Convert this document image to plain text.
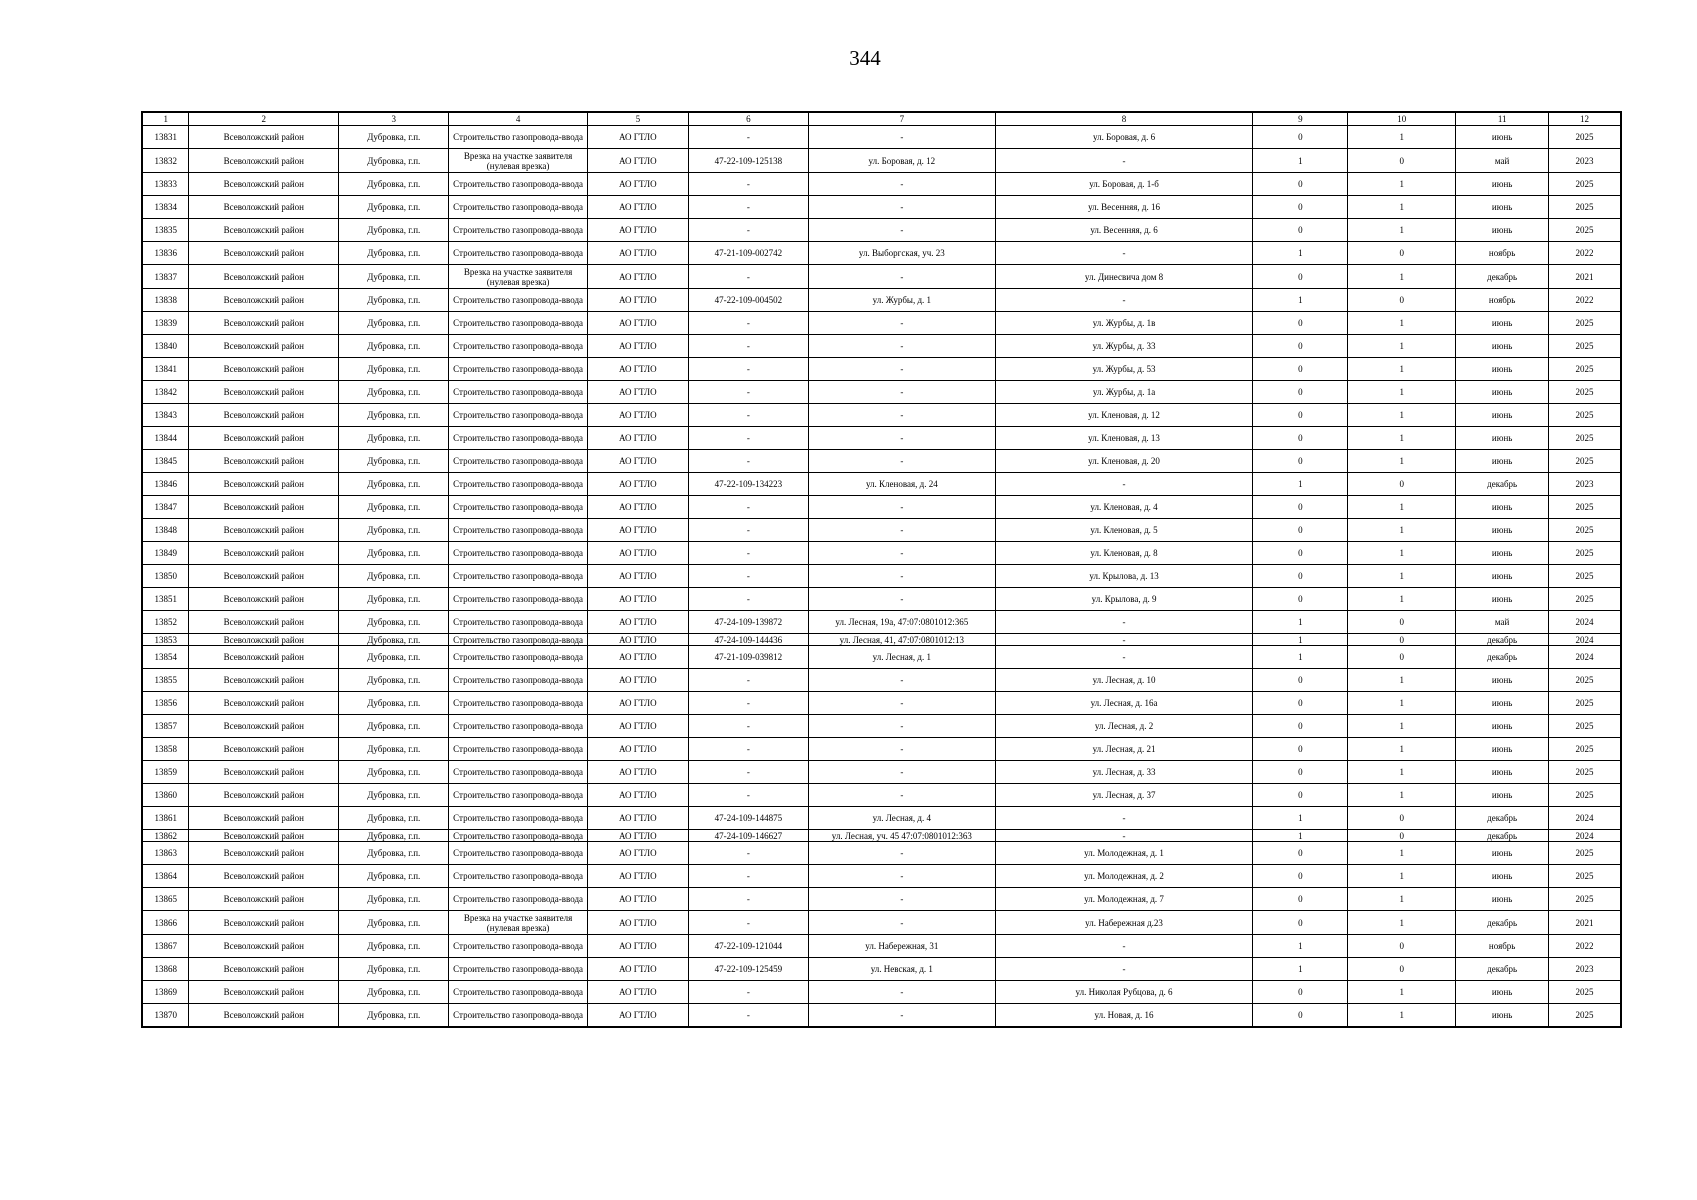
344
1	2	3	4	5	6	7	8	9	10	11	12
13831	Всеволожский район	Дубровка, г.п.	Строительство газопровода-ввода	АО ГТЛО	-	-	ул. Боровая, д. 6	0	1	июнь	2025
13832	Всеволожский район	Дубровка, г.п.	Врезка на участке заявителя (нулевая врезка)	АО ГТЛО	47-22-109-125138	ул. Боровая, д. 12	-	1	0	май	2023
13833	Всеволожский район	Дубровка, г.п.	Строительство газопровода-ввода	АО ГТЛО	-	-	ул. Боровая, д. 1-б	0	1	июнь	2025
13834	Всеволожский район	Дубровка, г.п.	Строительство газопровода-ввода	АО ГТЛО	-	-	ул. Весенняя, д. 16	0	1	июнь	2025
13835	Всеволожский район	Дубровка, г.п.	Строительство газопровода-ввода	АО ГТЛО	-	-	ул. Весенняя, д. 6	0	1	июнь	2025
13836	Всеволожский район	Дубровка, г.п.	Строительство газопровода-ввода	АО ГТЛО	47-21-109-002742	ул. Выборгская, уч. 23	-	1	0	ноябрь	2022
13837	Всеволожский район	Дубровка, г.п.	Врезка на участке заявителя (нулевая врезка)	АО ГТЛО	-	-	ул. Динесвича дом 8	0	1	декабрь	2021
13838	Всеволожский район	Дубровка, г.п.	Строительство газопровода-ввода	АО ГТЛО	47-22-109-004502	ул. Журбы, д. 1	-	1	0	ноябрь	2022
13839	Всеволожский район	Дубровка, г.п.	Строительство газопровода-ввода	АО ГТЛО	-	-	ул. Журбы, д. 1в	0	1	июнь	2025
13840	Всеволожский район	Дубровка, г.п.	Строительство газопровода-ввода	АО ГТЛО	-	-	ул. Журбы, д. 33	0	1	июнь	2025
13841	Всеволожский район	Дубровка, г.п.	Строительство газопровода-ввода	АО ГТЛО	-	-	ул. Журбы, д. 53	0	1	июнь	2025
13842	Всеволожский район	Дубровка, г.п.	Строительство газопровода-ввода	АО ГТЛО	-	-	ул. Журбы, д. 1а	0	1	июнь	2025
13843	Всеволожский район	Дубровка, г.п.	Строительство газопровода-ввода	АО ГТЛО	-	-	ул. Кленовая, д. 12	0	1	июнь	2025
13844	Всеволожский район	Дубровка, г.п.	Строительство газопровода-ввода	АО ГТЛО	-	-	ул. Кленовая, д. 13	0	1	июнь	2025
13845	Всеволожский район	Дубровка, г.п.	Строительство газопровода-ввода	АО ГТЛО	-	-	ул. Кленовая, д. 20	0	1	июнь	2025
13846	Всеволожский район	Дубровка, г.п.	Строительство газопровода-ввода	АО ГТЛО	47-22-109-134223	ул. Кленовая, д. 24	-	1	0	декабрь	2023
13847	Всеволожский район	Дубровка, г.п.	Строительство газопровода-ввода	АО ГТЛО	-	-	ул. Кленовая, д. 4	0	1	июнь	2025
13848	Всеволожский район	Дубровка, г.п.	Строительство газопровода-ввода	АО ГТЛО	-	-	ул. Кленовая, д. 5	0	1	июнь	2025
13849	Всеволожский район	Дубровка, г.п.	Строительство газопровода-ввода	АО ГТЛО	-	-	ул. Кленовая, д. 8	0	1	июнь	2025
13850	Всеволожский район	Дубровка, г.п.	Строительство газопровода-ввода	АО ГТЛО	-	-	ул. Крылова, д. 13	0	1	июнь	2025
13851	Всеволожский район	Дубровка, г.п.	Строительство газопровода-ввода	АО ГТЛО	-	-	ул. Крылова, д. 9	0	1	июнь	2025
13852	Всеволожский район	Дубровка, г.п.	Строительство газопровода-ввода	АО ГТЛО	47-24-109-139872	ул. Лесная, 19а, 47:07:0801012:365	-	1	0	май	2024
13853	Всеволожский район	Дубровка, г.п.	Строительство газопровода-ввода	АО ГТЛО	47-24-109-144436	ул. Лесная, 41, 47:07:0801012:13	-	1	0	декабрь	2024
13854	Всеволожский район	Дубровка, г.п.	Строительство газопровода-ввода	АО ГТЛО	47-21-109-039812	ул. Лесная, д. 1	-	1	0	декабрь	2024
13855	Всеволожский район	Дубровка, г.п.	Строительство газопровода-ввода	АО ГТЛО	-	-	ул. Лесная, д. 10	0	1	июнь	2025
13856	Всеволожский район	Дубровка, г.п.	Строительство газопровода-ввода	АО ГТЛО	-	-	ул. Лесная, д. 16а	0	1	июнь	2025
13857	Всеволожский район	Дубровка, г.п.	Строительство газопровода-ввода	АО ГТЛО	-	-	ул. Лесная, д. 2	0	1	июнь	2025
13858	Всеволожский район	Дубровка, г.п.	Строительство газопровода-ввода	АО ГТЛО	-	-	ул. Лесная, д. 21	0	1	июнь	2025
13859	Всеволожский район	Дубровка, г.п.	Строительство газопровода-ввода	АО ГТЛО	-	-	ул. Лесная, д. 33	0	1	июнь	2025
13860	Всеволожский район	Дубровка, г.п.	Строительство газопровода-ввода	АО ГТЛО	-	-	ул. Лесная, д. 37	0	1	июнь	2025
13861	Всеволожский район	Дубровка, г.п.	Строительство газопровода-ввода	АО ГТЛО	47-24-109-144875	ул. Лесная, д. 4	-	1	0	декабрь	2024
13862	Всеволожский район	Дубровка, г.п.	Строительство газопровода-ввода	АО ГТЛО	47-24-109-146627	ул. Лесная, уч. 45 47:07:0801012:363	-	1	0	декабрь	2024
13863	Всеволожский район	Дубровка, г.п.	Строительство газопровода-ввода	АО ГТЛО	-	-	ул. Молодежная, д. 1	0	1	июнь	2025
13864	Всеволожский район	Дубровка, г.п.	Строительство газопровода-ввода	АО ГТЛО	-	-	ул. Молодежная, д. 2	0	1	июнь	2025
13865	Всеволожский район	Дубровка, г.п.	Строительство газопровода-ввода	АО ГТЛО	-	-	ул. Молодежная, д. 7	0	1	июнь	2025
13866	Всеволожский район	Дубровка, г.п.	Врезка на участке заявителя (нулевая врезка)	АО ГТЛО	-	-	ул. Набережная д.23	0	1	декабрь	2021
13867	Всеволожский район	Дубровка, г.п.	Строительство газопровода-ввода	АО ГТЛО	47-22-109-121044	ул. Набережная, 31	-	1	0	ноябрь	2022
13868	Всеволожский район	Дубровка, г.п.	Строительство газопровода-ввода	АО ГТЛО	47-22-109-125459	ул. Невская, д. 1	-	1	0	декабрь	2023
13869	Всеволожский район	Дубровка, г.п.	Строительство газопровода-ввода	АО ГТЛО	-	-	ул. Николая Рубцова, д. 6	0	1	июнь	2025
13870	Всеволожский район	Дубровка, г.п.	Строительство газопровода-ввода	АО ГТЛО	-	-	ул. Новая, д. 16	0	1	июнь	2025
